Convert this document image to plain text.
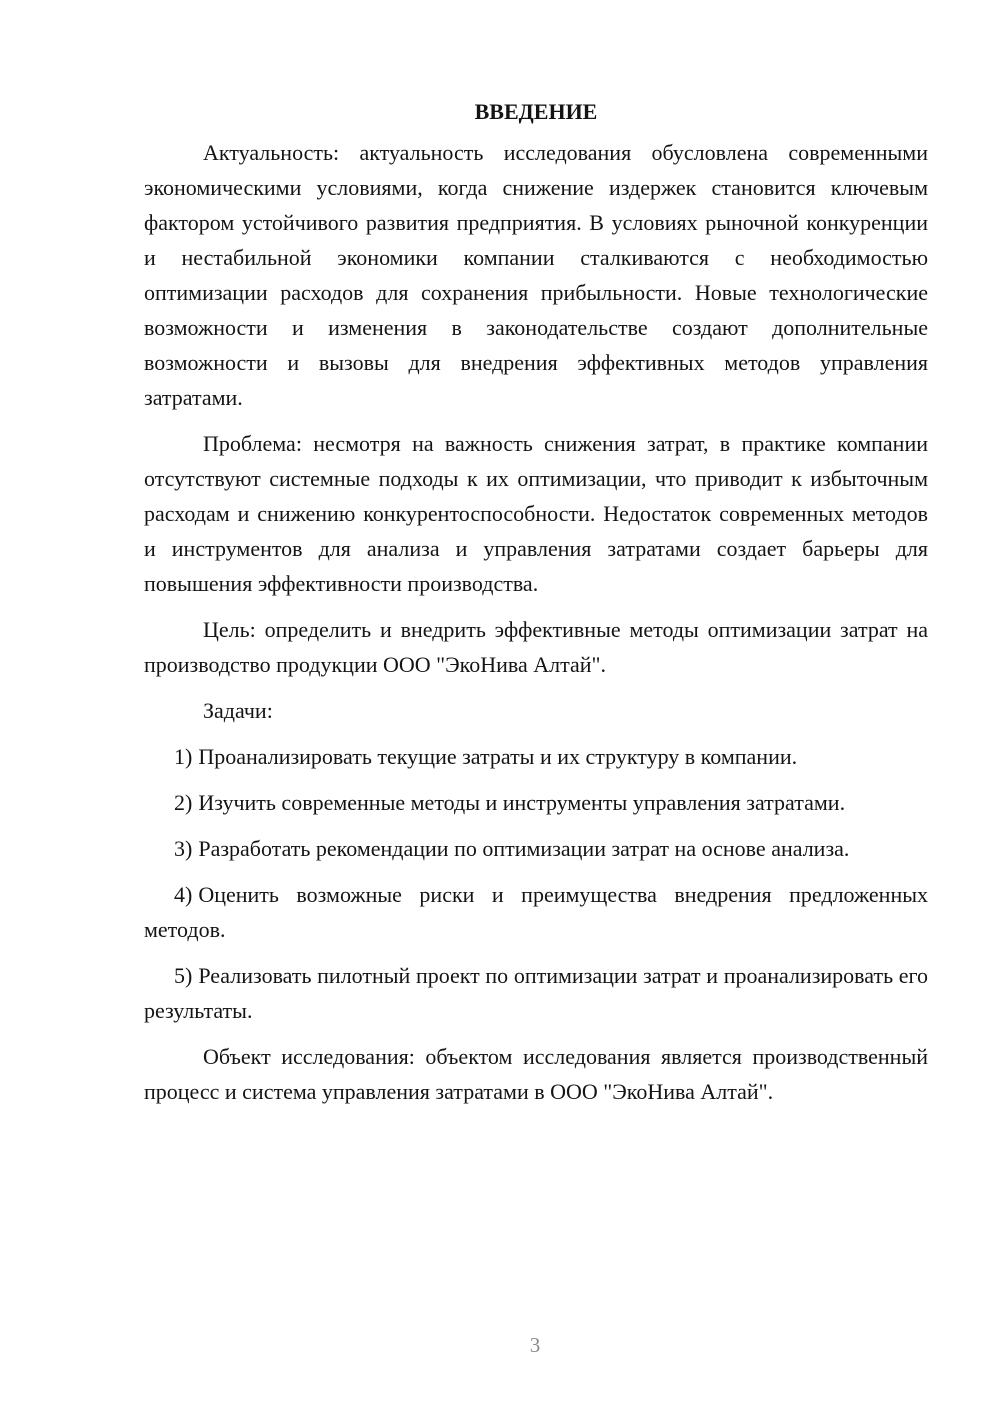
ВВЕДЕНИЕ

Актуальность: актуальность исследования обусловлена современными экономическими условиями, когда снижение издержек становится ключевым фактором устойчивого развития предприятия. В условиях рыночной конкуренции и нестабильной экономики компании сталкиваются с необходимостью оптимизации расходов для сохранения прибыльности. Новые технологические возможности и изменения в законодательстве создают дополнительные возможности и вызовы для внедрения эффективных методов управления затратами.

Проблема: несмотря на важность снижения затрат, в практике компании отсутствуют системные подходы к их оптимизации, что приводит к избыточным расходам и снижению конкурентоспособности. Недостаток современных методов и инструментов для анализа и управления затратами создает барьеры для повышения эффективности производства.

Цель: определить и внедрить эффективные методы оптимизации затрат на производство продукции ООО "ЭкоНива Алтай".

Задачи:

1) Проанализировать текущие затраты и их структуру в компании.

2) Изучить современные методы и инструменты управления затратами.

3) Разработать рекомендации по оптимизации затрат на основе анализа.

4) Оценить возможные риски и преимущества внедрения предложенных методов.

5) Реализовать пилотный проект по оптимизации затрат и проанализировать его результаты.

Объект исследования: объектом исследования является производственный процесс и система управления затратами в ООО "ЭкоНива Алтай".

3
